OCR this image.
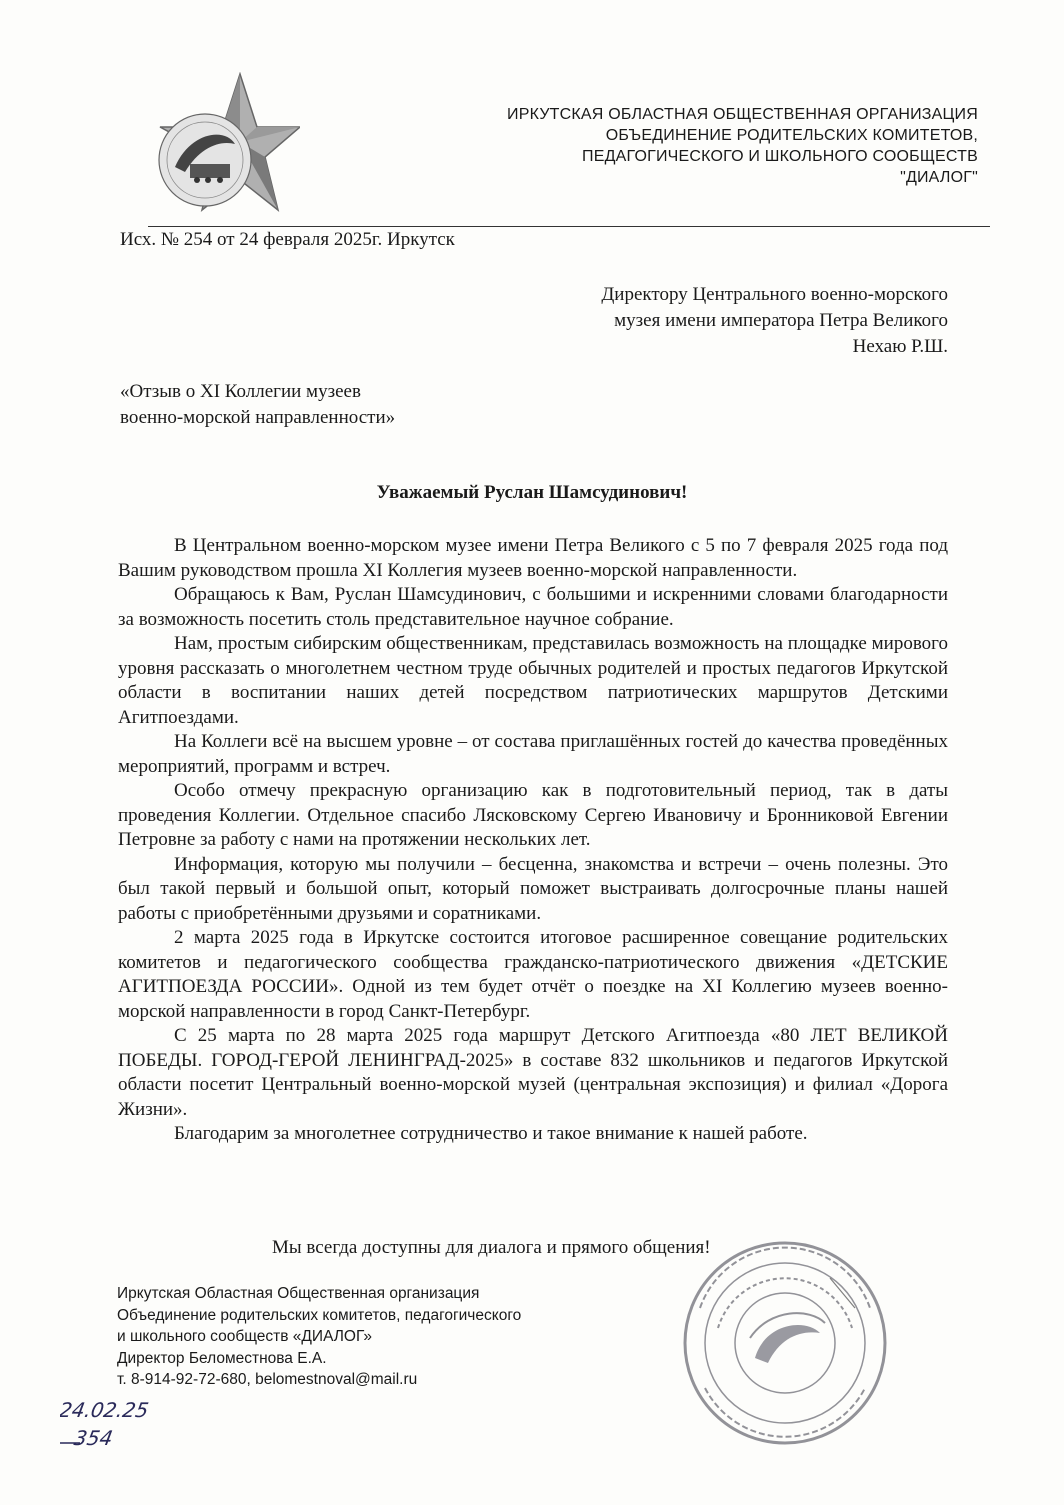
ИРКУТСКАЯ ОБЛАСТНАЯ ОБЩЕСТВЕННАЯ ОРГАНИЗАЦИЯ
ОБЪЕДИНЕНИЕ РОДИТЕЛЬСКИХ КОМИТЕТОВ,
ПЕДАГОГИЧЕСКОГО И ШКОЛЬНОГО СООБЩЕСТВ
"ДИАЛОГ"
Исх. № 254 от 24 февраля 2025г. Иркутск
Директору Центрального военно-морского
музея имени императора Петра Великого
Нехаю Р.Ш.
«Отзыв о XI Коллегии музеев
военно-морской направленности»
Уважаемый Руслан Шамсудинович!

В Центральном военно-морском музее имени Петра Великого с 5 по 7 февраля 2025 года под Вашим руководством прошла XI Коллегия музеев военно-морской направленности.

Обращаюсь к Вам, Руслан Шамсудинович, с большими и искренними словами благодарности за возможность посетить столь представительное научное собрание.

Нам, простым сибирским общественникам, представилась возможность на площадке мирового уровня рассказать о многолетнем честном труде обычных родителей и простых педагогов Иркутской области в воспитании наших детей посредством патриотических маршрутов Детскими Агитпоездами.

На Коллеги всё на высшем уровне – от состава приглашённых гостей до качества проведённых мероприятий, программ и встреч.

Особо отмечу прекрасную организацию как в подготовительный период, так в даты проведения Коллегии. Отдельное спасибо Лясковскому Сергею Ивановичу и Бронниковой Евгении Петровне за работу с нами на протяжении нескольких лет.

Информация, которую мы получили – бесценна, знакомства и встречи – очень полезны. Это был такой первый и большой опыт, который поможет выстраивать долгосрочные планы нашей работы с приобретёнными друзьями и соратниками.

2 марта 2025 года в Иркутске состоится итоговое расширенное совещание родительских комитетов и педагогического сообщества гражданско-патриотического движения «ДЕТСКИЕ АГИТПОЕЗДА РОССИИ». Одной из тем будет отчёт о поездке на XI Коллегию музеев военно-морской направленности в город Санкт-Петербург.

С 25 марта по 28 марта 2025 года маршрут Детского Агитпоезда «80 ЛЕТ ВЕЛИКОЙ ПОБЕДЫ. ГОРОД-ГЕРОЙ ЛЕНИНГРАД-2025» в составе 832 школьников и педагогов Иркутской области посетит Центральный военно-морской музей (центральная экспозиция) и филиал «Дорога Жизни».

Благодарим за многолетнее сотрудничество и такое внимание к нашей работе.

Мы всегда доступны для диалога и прямого общения!
Иркутская Областная Общественная организация
Объединение родительских комитетов, педагогического
и школьного сообществ «ДИАЛОГ»
Директор Беломестнова Е.А.
т. 8-914-92-72-680, belomestnoval@mail.ru
24.02.25
354
